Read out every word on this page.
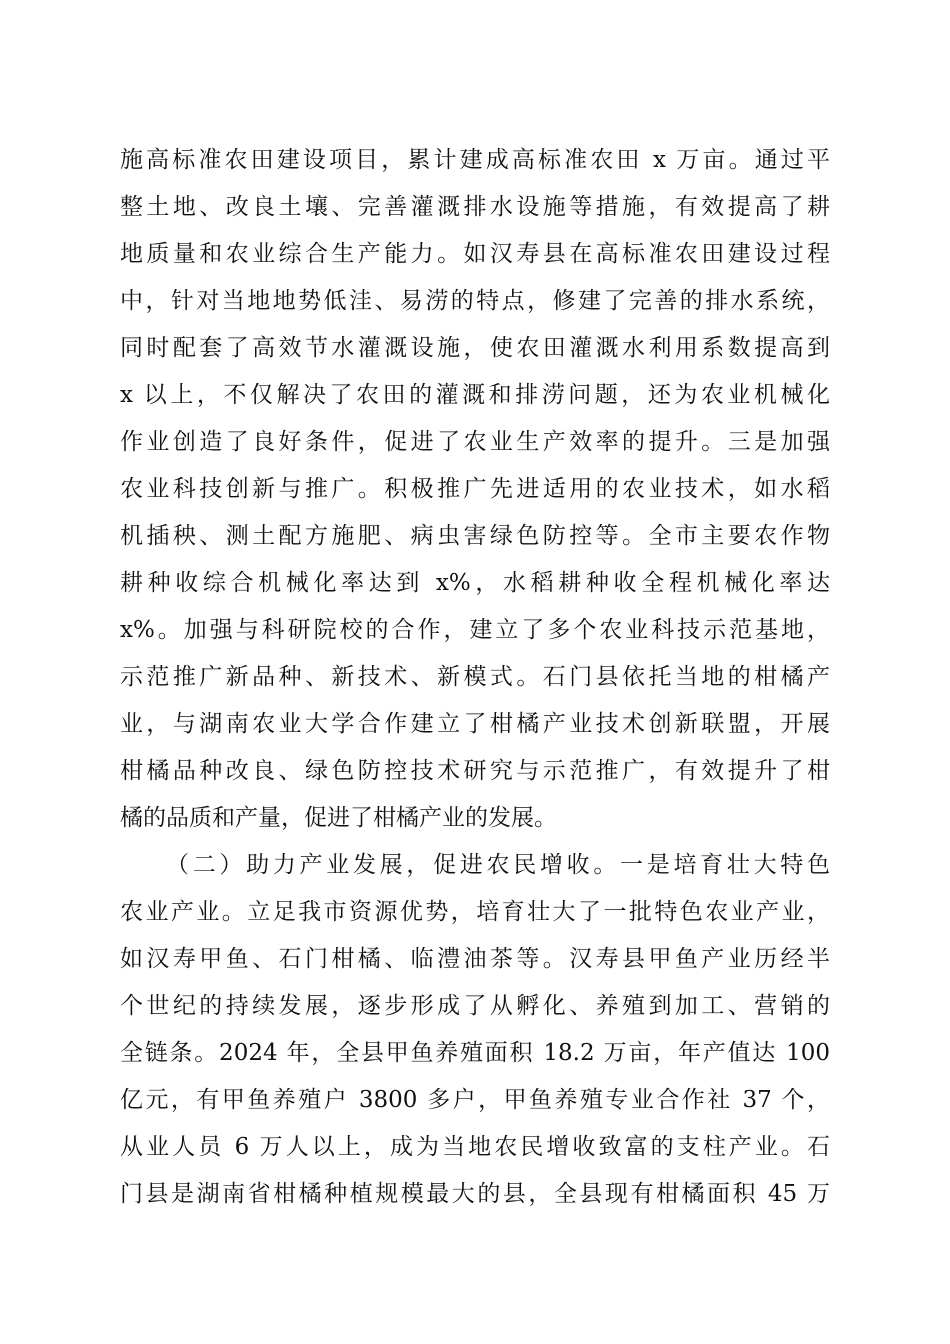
施高标准农田建设项目，累计建成高标准农田 x 万亩。通过平
整土地、改良土壤、完善灌溉排水设施等措施，有效提高了耕
地质量和农业综合生产能力。如汉寿县在高标准农田建设过程
中，针对当地地势低洼、易涝的特点，修建了完善的排水系统，
同时配套了高效节水灌溉设施，使农田灌溉水利用系数提高到
x 以上，不仅解决了农田的灌溉和排涝问题，还为农业机械化
作业创造了良好条件，促进了农业生产效率的提升。三是加强
农业科技创新与推广。积极推广先进适用的农业技术，如水稻
机插秧、测土配方施肥、病虫害绿色防控等。全市主要农作物
耕种收综合机械化率达到 x%，水稻耕种收全程机械化率达
x%。加强与科研院校的合作，建立了多个农业科技示范基地，
示范推广新品种、新技术、新模式。石门县依托当地的柑橘产
业，与湖南农业大学合作建立了柑橘产业技术创新联盟，开展
柑橘品种改良、绿色防控技术研究与示范推广，有效提升了柑
橘的品质和产量，促进了柑橘产业的发展。
（二）助力产业发展，促进农民增收。一是培育壮大特色
农业产业。立足我市资源优势，培育壮大了一批特色农业产业，
如汉寿甲鱼、石门柑橘、临澧油茶等。汉寿县甲鱼产业历经半
个世纪的持续发展，逐步形成了从孵化、养殖到加工、营销的
全链条。2024 年，全县甲鱼养殖面积 18.2 万亩，年产值达 100
亿元，有甲鱼养殖户 3800 多户，甲鱼养殖专业合作社 37 个，
从业人员 6 万人以上，成为当地农民增收致富的支柱产业。石
门县是湖南省柑橘种植规模最大的县，全县现有柑橘面积 45 万
